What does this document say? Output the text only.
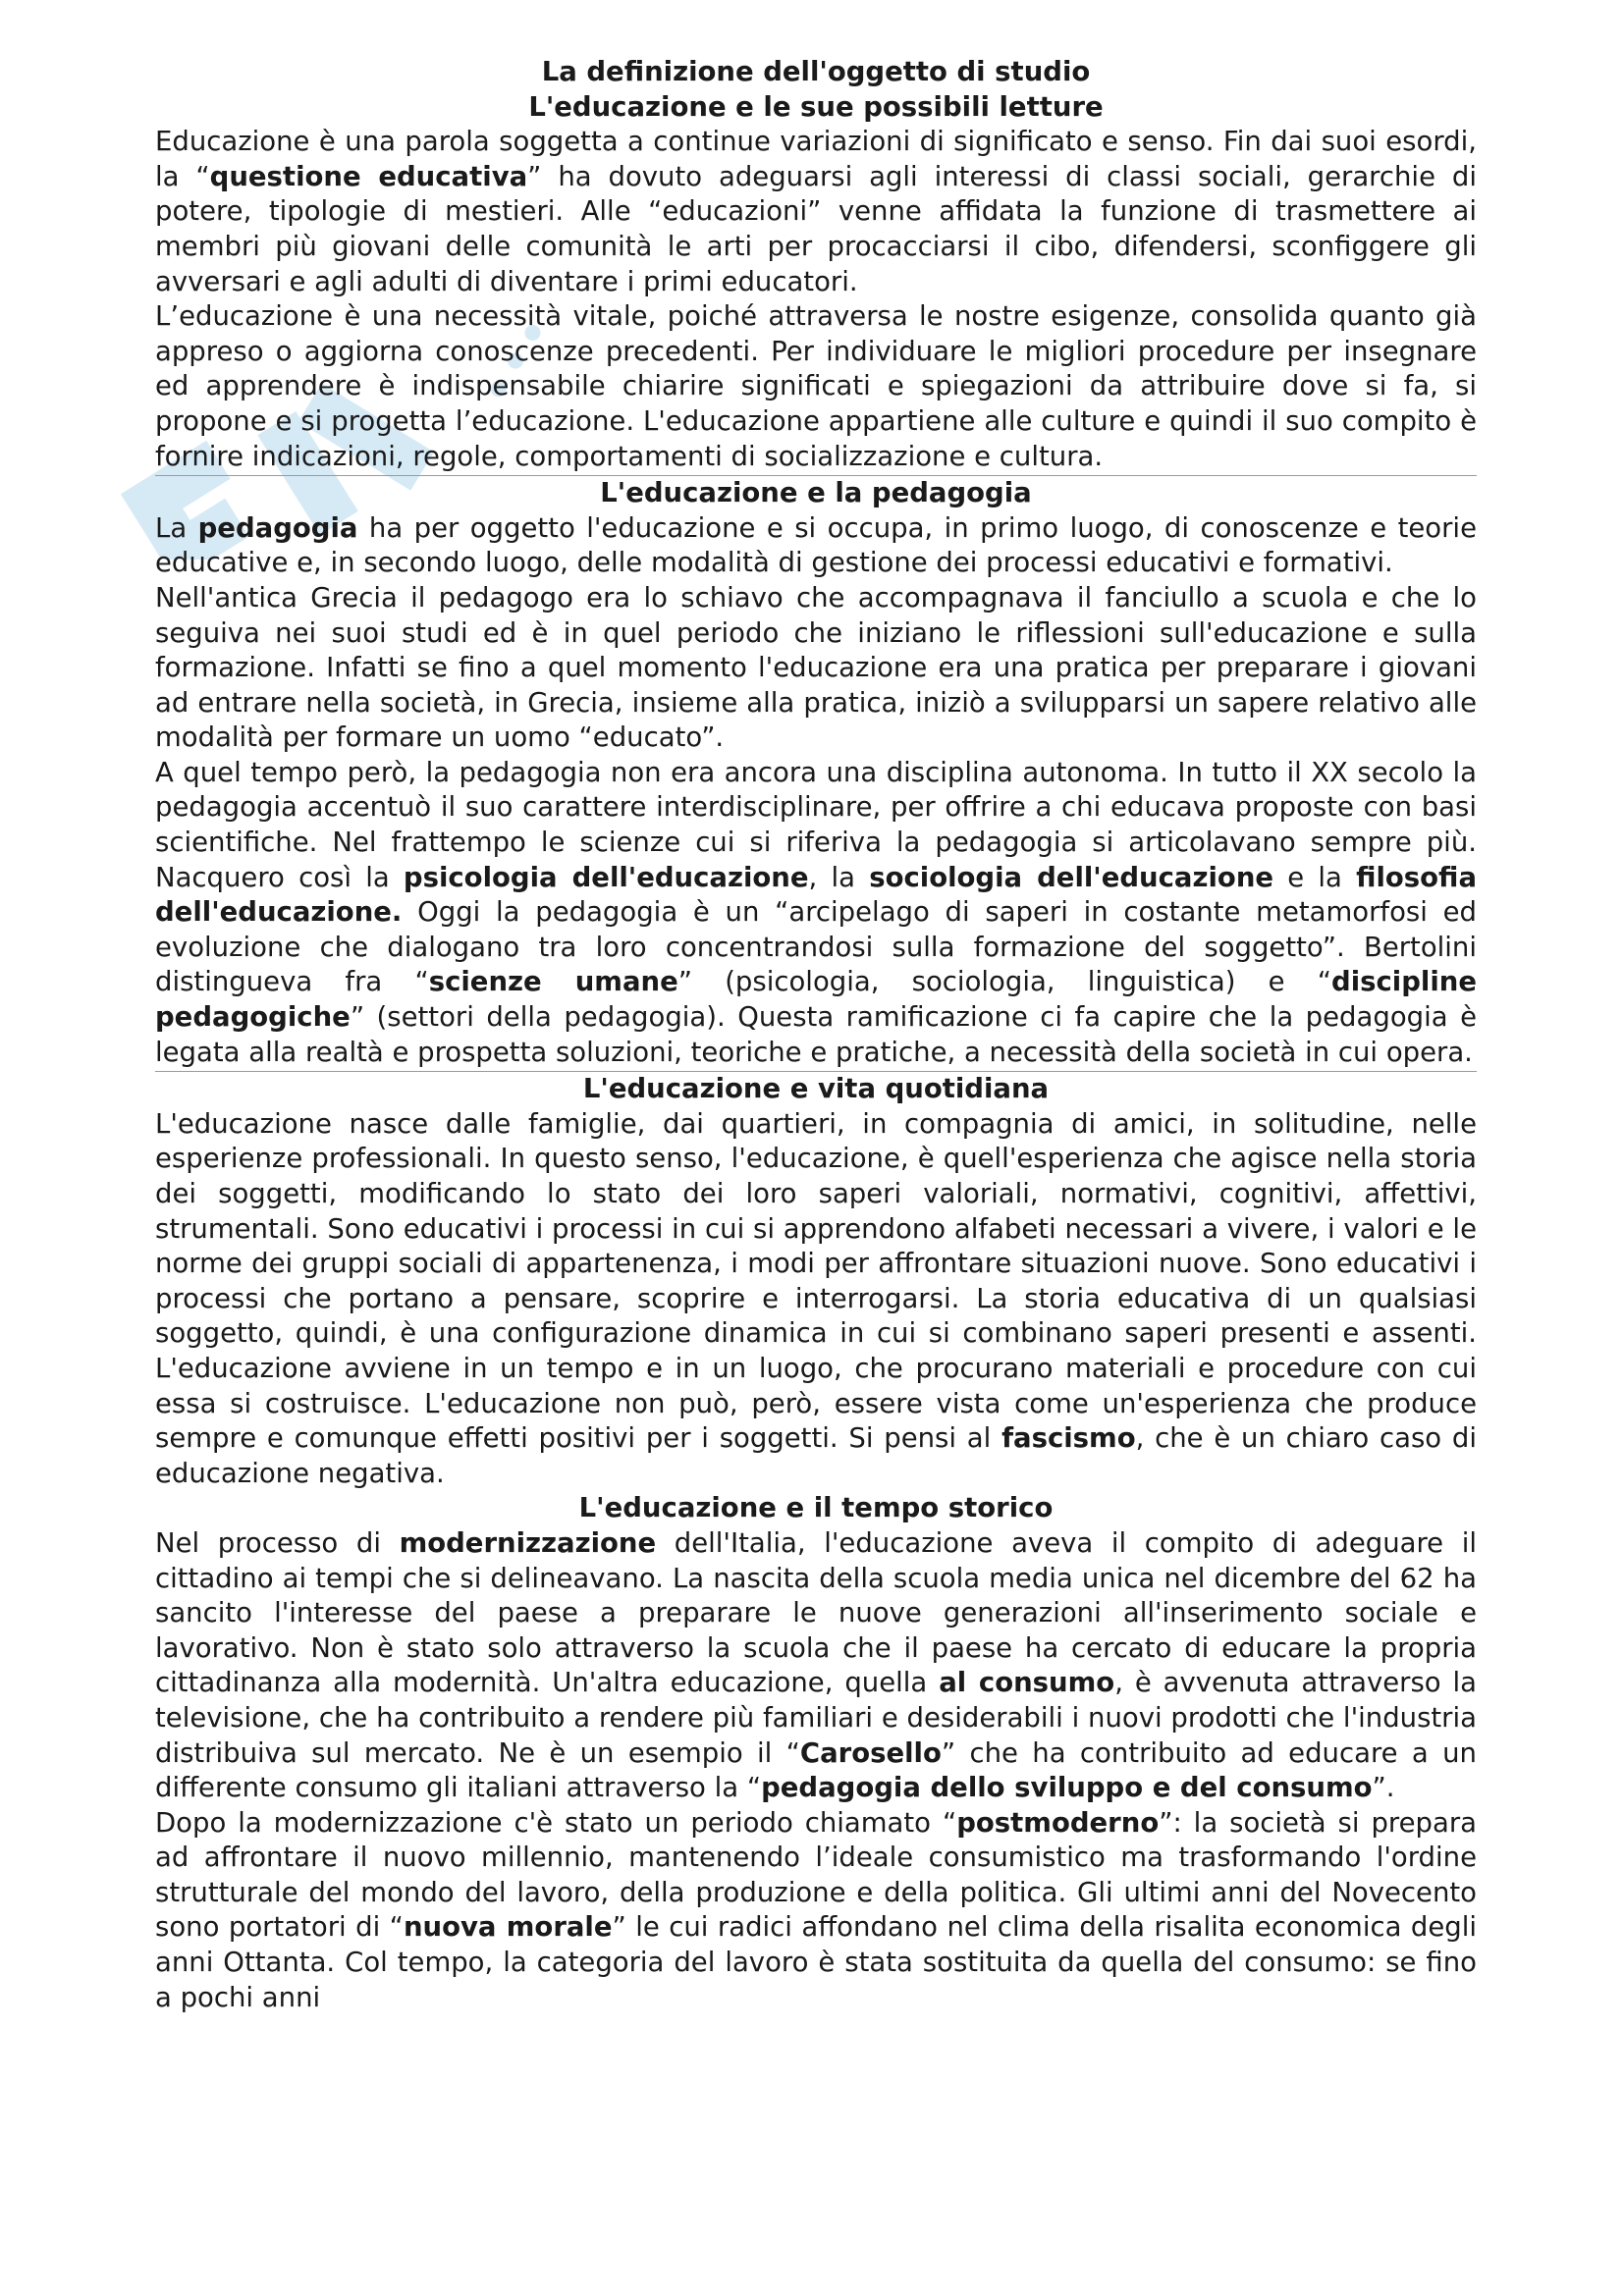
La definizione dell'oggetto di studio
L'educazione e le sue possibili letture

Educazione è una parola soggetta a continue variazioni di significato e senso. Fin dai suoi esordi, la “questione educativa” ha dovuto adeguarsi agli interessi di classi sociali, gerarchie di potere, tipologie di mestieri. Alle “educazioni” venne affidata la funzione di trasmettere ai membri più giovani delle comunità le arti per procacciarsi il cibo, difendersi, sconfiggere gli avversari e agli adulti di diventare i primi educatori.

L’educazione è una necessità vitale, poiché attraversa le nostre esigenze, consolida quanto già appreso o aggiorna conoscenze precedenti. Per individuare le migliori procedure per insegnare ed apprendere è indispensabile chiarire significati e spiegazioni da attribuire dove si fa, si propone e si progetta l’educazione. L'educazione appartiene alle culture e quindi il suo compito è fornire indicazioni, regole, comportamenti di socializzazione e cultura.

L'educazione e la pedagogia

La pedagogia ha per oggetto l'educazione e si occupa, in primo luogo, di conoscenze e teorie educative e, in secondo luogo, delle modalità di gestione dei processi educativi e formativi.

Nell'antica Grecia il pedagogo era lo schiavo che accompagnava il fanciullo a scuola e che lo seguiva nei suoi studi ed è in quel periodo che iniziano le riflessioni sull'educazione e sulla formazione. Infatti se fino a quel momento l'educazione era una pratica per preparare i giovani ad entrare nella società, in Grecia, insieme alla pratica, iniziò a svilupparsi un sapere relativo alle modalità per formare un uomo “educato”.

A quel tempo però, la pedagogia non era ancora una disciplina autonoma. In tutto il XX secolo la pedagogia accentuò il suo carattere interdisciplinare, per offrire a chi educava proposte con basi scientifiche. Nel frattempo le scienze cui si riferiva la pedagogia si articolavano sempre più. Nacquero così la psicologia dell'educazione, la sociologia dell'educazione e la filosofia dell'educazione. Oggi la pedagogia è un “arcipelago di saperi in costante metamorfosi ed evoluzione che dialogano tra loro concentrandosi sulla formazione del soggetto”. Bertolini distingueva fra “scienze umane” (psicologia, sociologia, linguistica) e “discipline pedagogiche” (settori della pedagogia). Questa ramificazione ci fa capire che la pedagogia è legata alla realtà e prospetta soluzioni, teoriche e pratiche, a necessità della società in cui opera.

L'educazione e vita quotidiana

L'educazione nasce dalle famiglie, dai quartieri, in compagnia di amici, in solitudine, nelle esperienze professionali. In questo senso, l'educazione, è quell'esperienza che agisce nella storia dei soggetti, modificando lo stato dei loro saperi valoriali, normativi, cognitivi, affettivi, strumentali. Sono educativi i processi in cui si apprendono alfabeti necessari a vivere, i valori e le norme dei gruppi sociali di appartenenza, i modi per affrontare situazioni nuove. Sono educativi i processi che portano a pensare, scoprire e interrogarsi. La storia educativa di un qualsiasi soggetto, quindi, è una configurazione dinamica in cui si combinano saperi presenti e assenti. L'educazione avviene in un tempo e in un luogo, che procurano materiali e procedure con cui essa si costruisce. L'educazione non può, però, essere vista come un'esperienza che produce sempre e comunque effetti positivi per i soggetti. Si pensi al fascismo, che è un chiaro caso di educazione negativa.

L'educazione e il tempo storico

Nel processo di modernizzazione dell'Italia, l'educazione aveva il compito di adeguare il cittadino ai tempi che si delineavano. La nascita della scuola media unica nel dicembre del 62 ha sancito l'interesse del paese a preparare le nuove generazioni all'inserimento sociale e lavorativo. Non è stato solo attraverso la scuola che il paese ha cercato di educare la propria cittadinanza alla modernità. Un'altra educazione, quella al consumo, è avvenuta attraverso la televisione, che ha contribuito a rendere più familiari e desiderabili i nuovi prodotti che l'industria distribuiva sul mercato. Ne è un esempio il “Carosello” che ha contribuito ad educare a un differente consumo gli italiani attraverso la “pedagogia dello sviluppo e del consumo”.

Dopo la modernizzazione c'è stato un periodo chiamato “postmoderno”: la società si prepara ad affrontare il nuovo millennio, mantenendo l’ideale consumistico ma trasformando l'ordine strutturale del mondo del lavoro, della produzione e della politica. Gli ultimi anni del Novecento sono portatori di “nuova morale” le cui radici affondano nel clima della risalita economica degli anni Ottanta. Col tempo, la categoria del lavoro è stata sostituita da quella del consumo: se fino a pochi anni
